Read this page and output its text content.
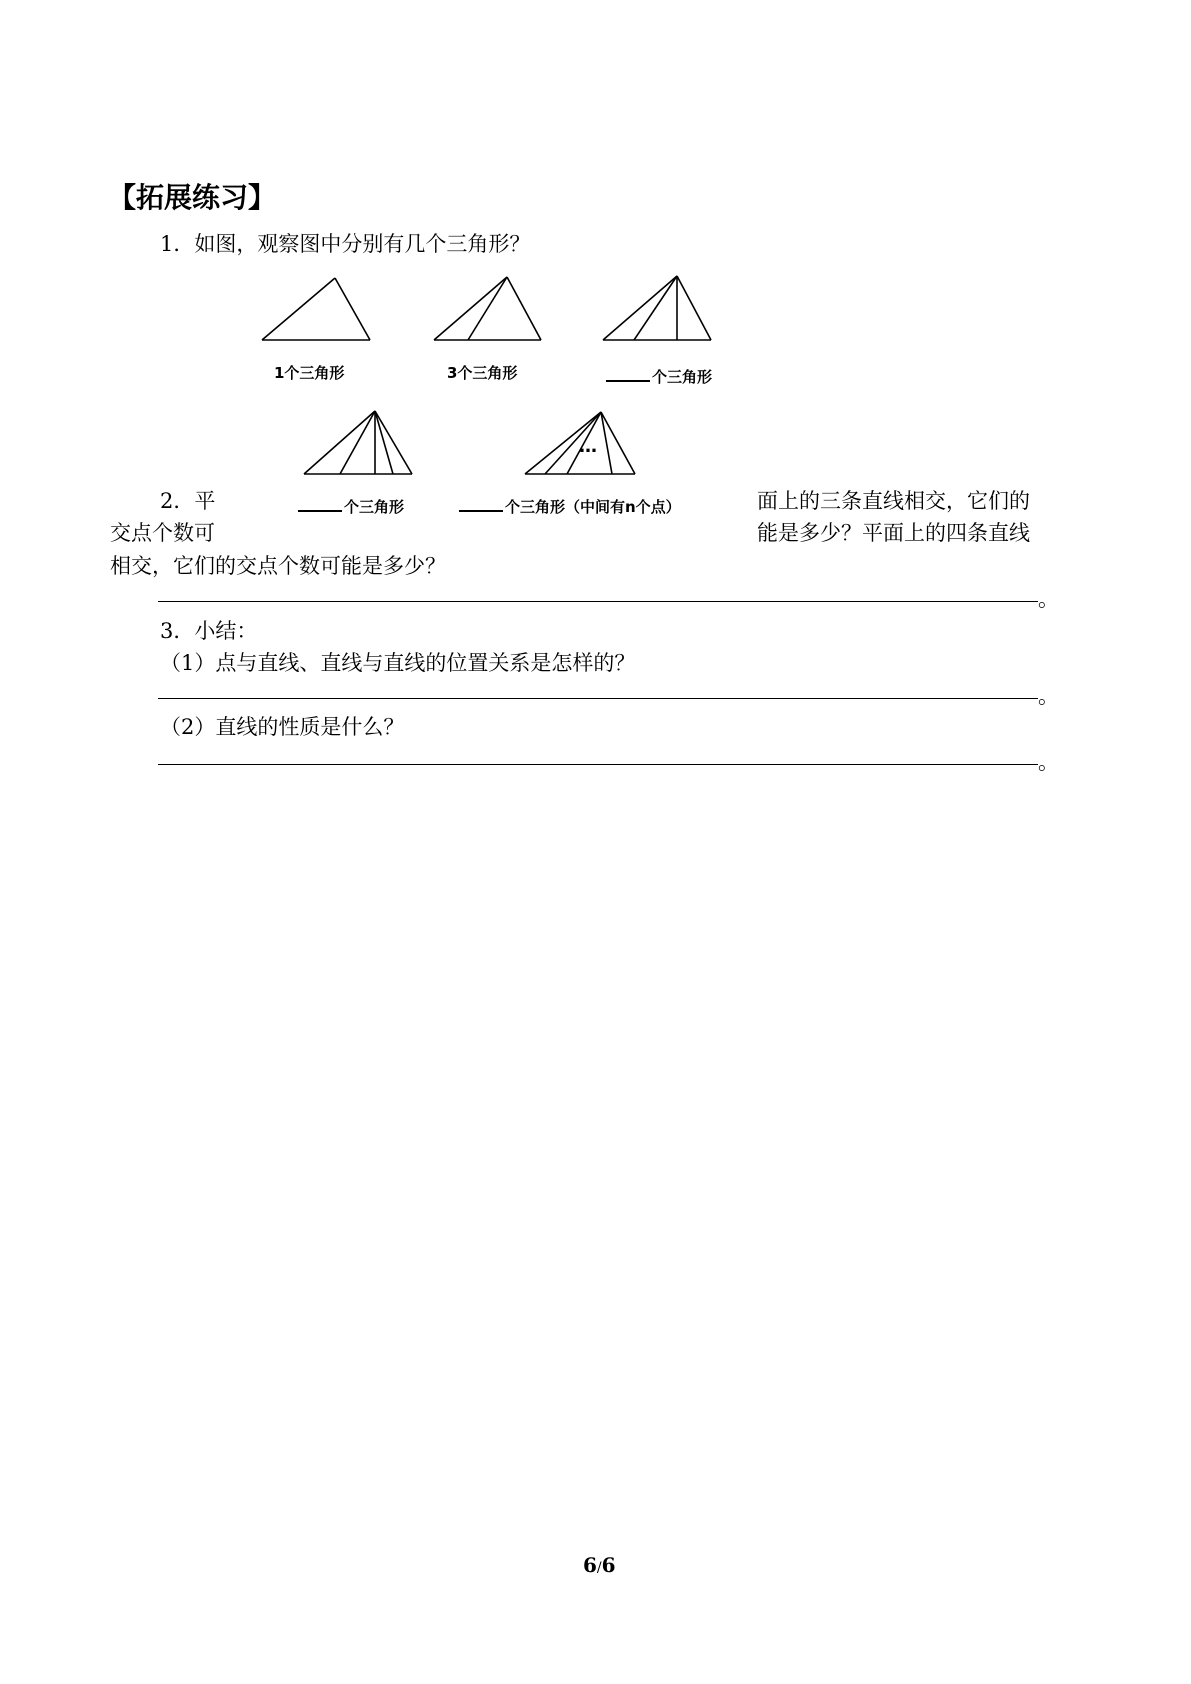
【拓展练习】
1．如图，观察图中分别有几个三角形？
…
1个三角形	3个三角形	个三角形
个三角形	个三角形（中间有n个点）
2．平	面上的三条直线相交，它们的
交点个数可	能是多少？平面上的四条直线
相交，它们的交点个数可能是多少？
。
3．小结：
（1）点与直线、直线与直线的位置关系是怎样的？
。
（2）直线的性质是什么？
。
6/6
